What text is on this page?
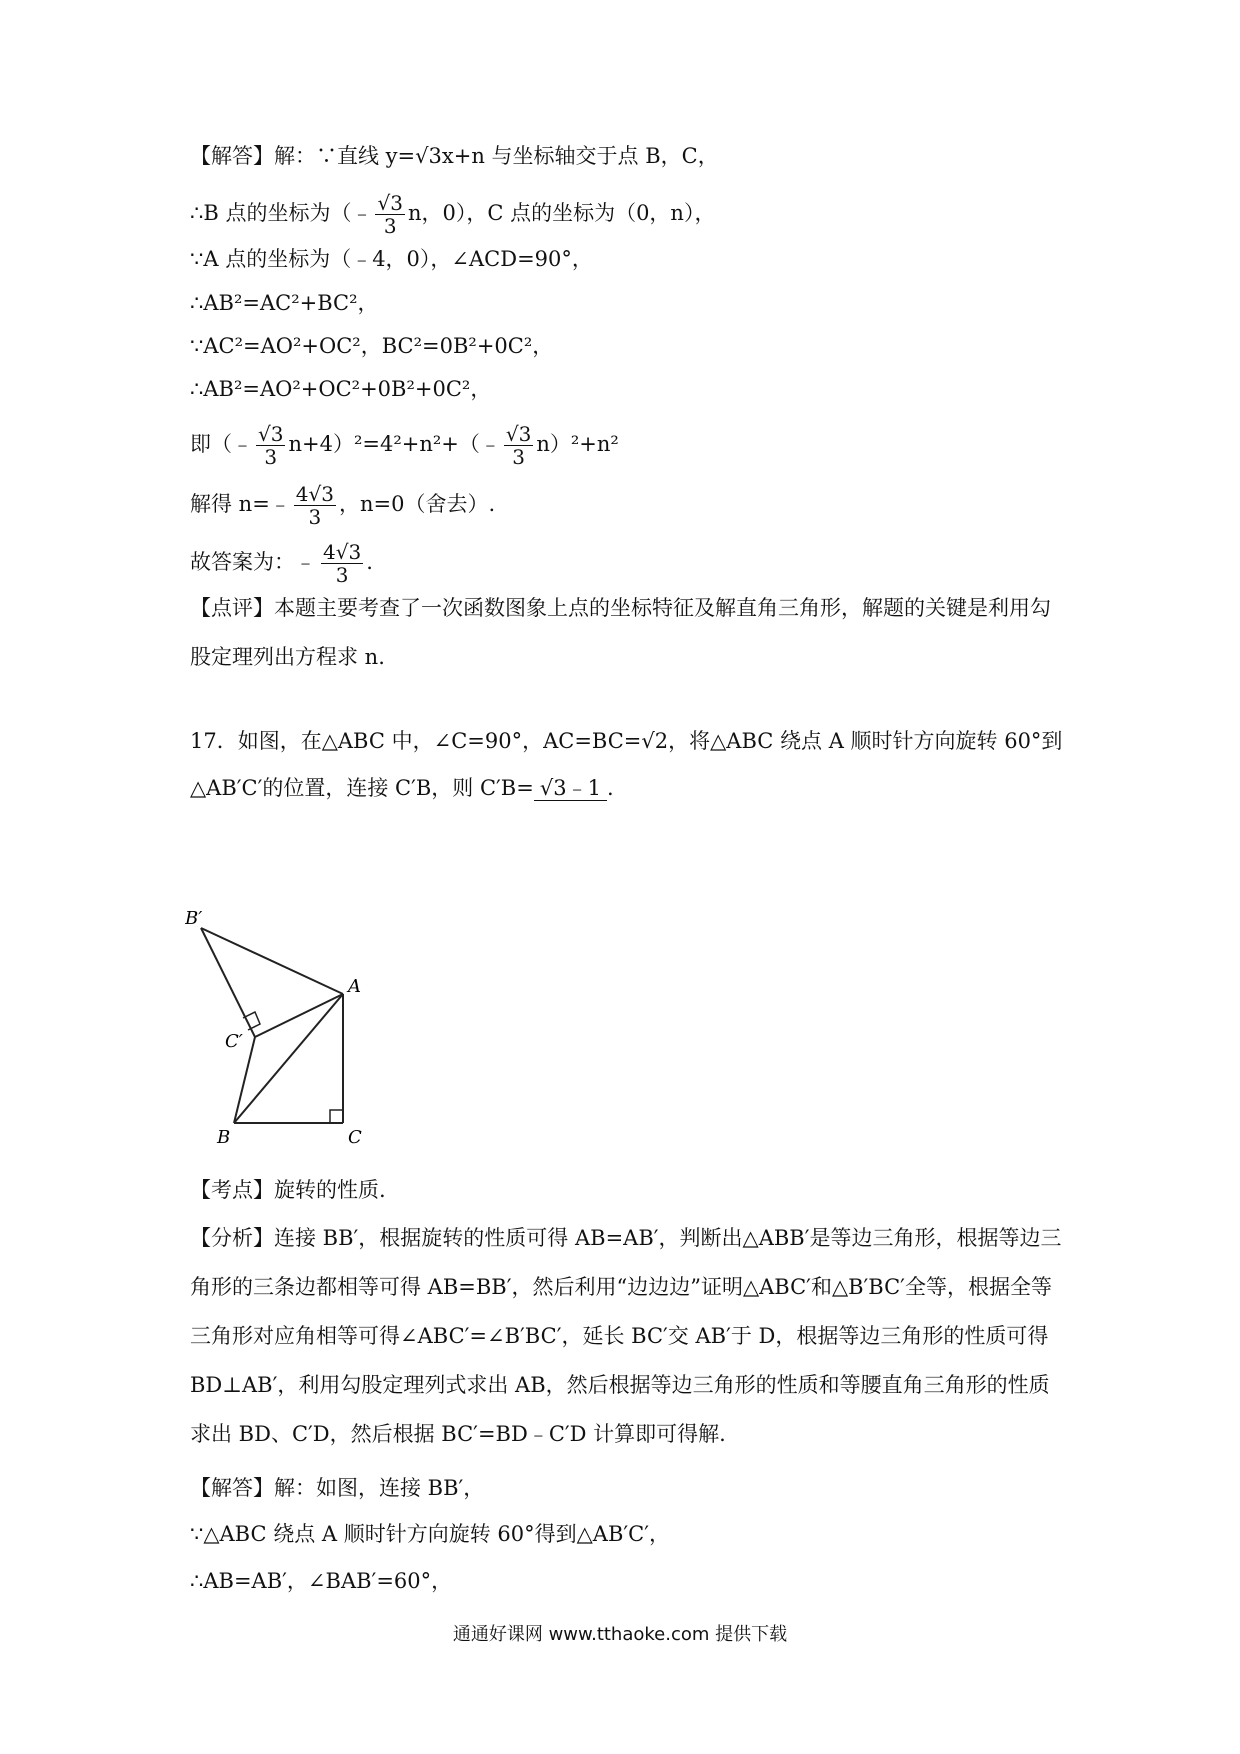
【解答】解：∵直线 y=√3x+n 与坐标轴交于点 B，C，
∴B 点的坐标为（﹣ $\frac{√3}{3}$ n，0），C 点的坐标为（0，n），
∵A 点的坐标为（﹣4，0），∠ACD=90°，
∴AB²=AC²+BC²，
∵AC²=AO²+OC²，BC²=0B²+0C²，
∴AB²=AO²+OC²+0B²+0C²，
即（﹣ $\frac{√3}{3}$ n+4）²=4²+n²+（﹣ $\frac{√3}{3} n)^2+n^2$
解得 n=﹣ $\frac{4√3}{3}$ ，n=0（舍去）.
故答案为：﹣ $\frac{4√3}{3}$ .
【点评】本题主要考查了一次函数图象上点的坐标特征及解直角三角形，解题的关键是利用勾股定理列出方程求 n.
17．如图，在△ABC 中，∠C=90°，AC=BC=√2，将△ABC 绕点 A 顺时针方向旋转 60°到
△AB′C′的位置，连接 C′B，则 C′B= √3﹣1 .
B′
A
C′
B	C
【考点】旋转的性质.
【分析】连接 BB′，根据旋转的性质可得 AB=AB′，判断出△ABB′是等边三角形，根据等边三角形的三条边都相等可得 AB=BB′，然后利用“边边边”证明△ABC′和△B′BC′全等，根据全等三角形对应角相等可得∠ABC′=∠B′BC′，延长 BC′交 AB′于 D，根据等边三角形的性质可得 BD⊥AB′，利用勾股定理列式求出 AB，然后根据等边三角形的性质和等腰直角三角形的性质求出 BD、C′D，然后根据 BC′=BD﹣C′D 计算即可得解.
【解答】解：如图，连接 BB′，
∵△ABC 绕点 A 顺时针方向旋转 60°得到△AB′C′，
∴AB=AB′，∠BAB′=60°，
通通好课网 www.tthaoke.com 提供下载
